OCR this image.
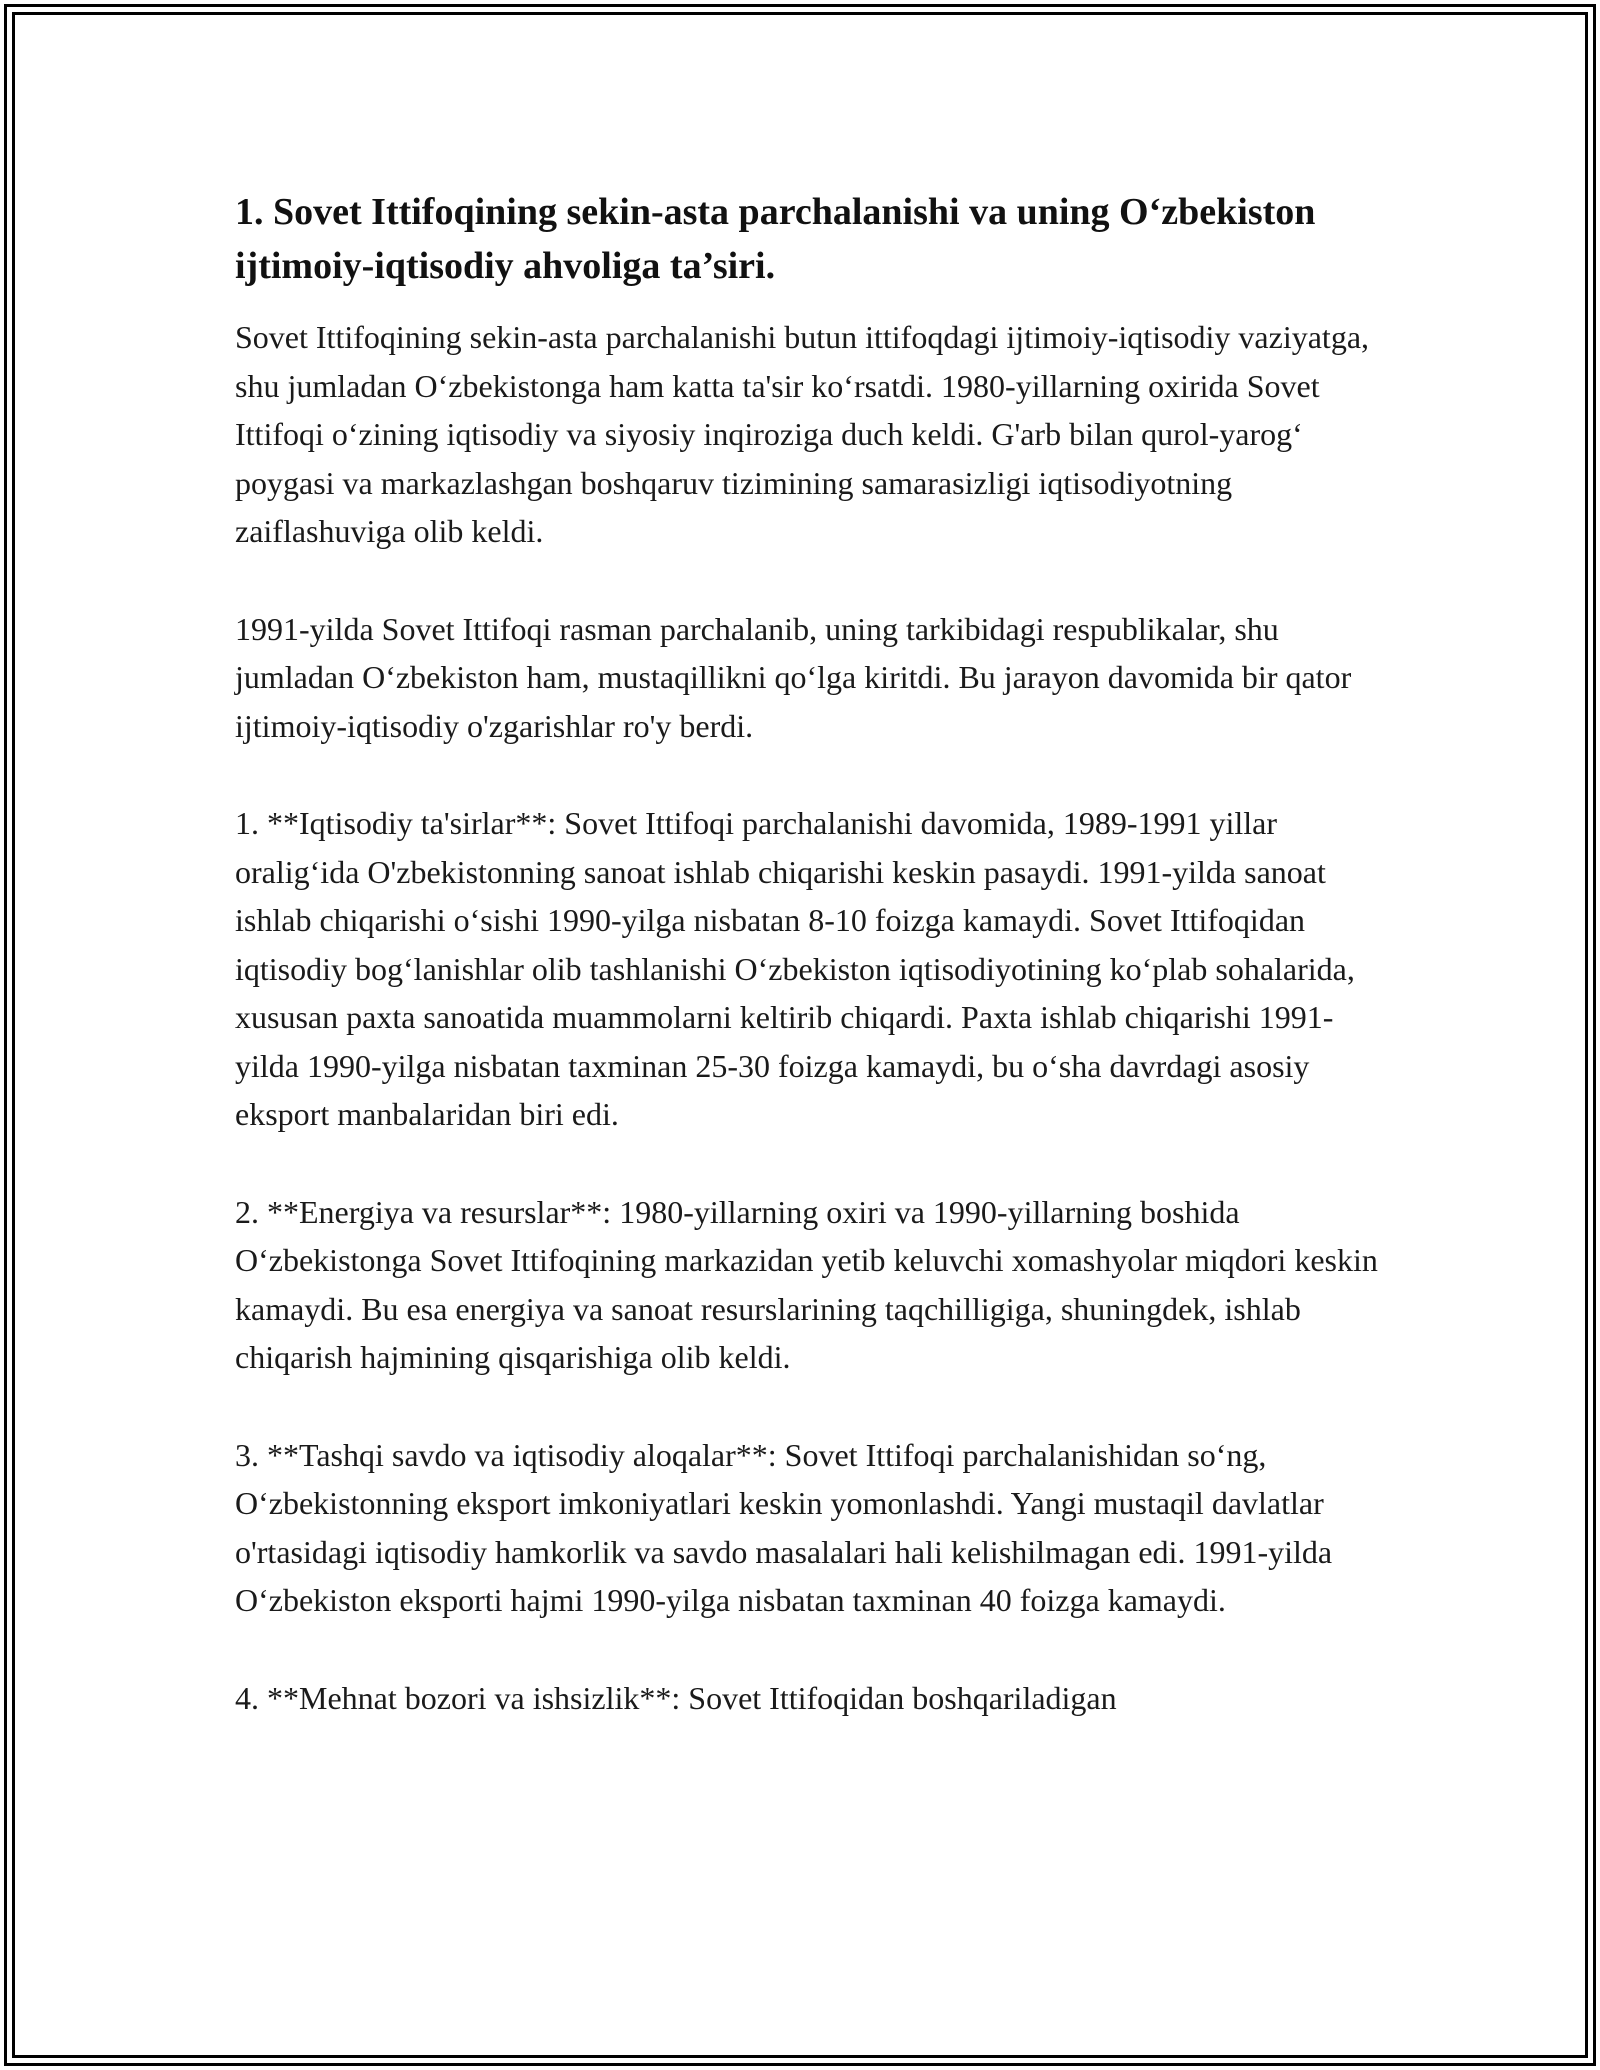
1. Sovet Ittifoqining sekin-asta parchalanishi va uning O‘zbekiston ijtimoiy-iqtisodiy ahvoliga ta’siri.

Sovet Ittifoqining sekin-asta parchalanishi butun ittifoqdagi ijtimoiy-iqtisodiy vaziyatga, shu jumladan O‘zbekistonga ham katta ta'sir ko‘rsatdi. 1980-yillarning oxirida Sovet Ittifoqi o‘zining iqtisodiy va siyosiy inqiroziga duch keldi. G'arb bilan qurol-yarog‘ poygasi va markazlashgan boshqaruv tizimining samarasizligi iqtisodiyotning zaiflashuviga olib keldi.

1991-yilda Sovet Ittifoqi rasman parchalanib, uning tarkibidagi respublikalar, shu jumladan O‘zbekiston ham, mustaqillikni qo‘lga kiritdi. Bu jarayon davomida bir qator ijtimoiy-iqtisodiy o'zgarishlar ro'y berdi.

1. **Iqtisodiy ta'sirlar**: Sovet Ittifoqi parchalanishi davomida, 1989-1991 yillar oralig‘ida O'zbekistonning sanoat ishlab chiqarishi keskin pasaydi. 1991-yilda sanoat ishlab chiqarishi o‘sishi 1990-yilga nisbatan 8-10 foizga kamaydi. Sovet Ittifoqidan iqtisodiy bog‘lanishlar olib tashlanishi O‘zbekiston iqtisodiyotining ko‘plab sohalarida, xususan paxta sanoatida muammolarni keltirib chiqardi. Paxta ishlab chiqarishi 1991-yilda 1990-yilga nisbatan taxminan 25-30 foizga kamaydi, bu o‘sha davrdagi asosiy eksport manbalaridan biri edi.

2. **Energiya va resurslar**: 1980-yillarning oxiri va 1990-yillarning boshida O‘zbekistonga Sovet Ittifoqining markazidan yetib keluvchi xomashyolar miqdori keskin kamaydi. Bu esa energiya va sanoat resurslarining taqchilligiga, shuningdek, ishlab chiqarish hajmining qisqarishiga olib keldi.

3. **Tashqi savdo va iqtisodiy aloqalar**: Sovet Ittifoqi parchalanishidan so‘ng, O‘zbekistonning eksport imkoniyatlari keskin yomonlashdi. Yangi mustaqil davlatlar o'rtasidagi iqtisodiy hamkorlik va savdo masalalari hali kelishilmagan edi. 1991-yilda O‘zbekiston eksporti hajmi 1990-yilga nisbatan taxminan 40 foizga kamaydi.

4. **Mehnat bozori va ishsizlik**: Sovet Ittifoqidan boshqariladigan
